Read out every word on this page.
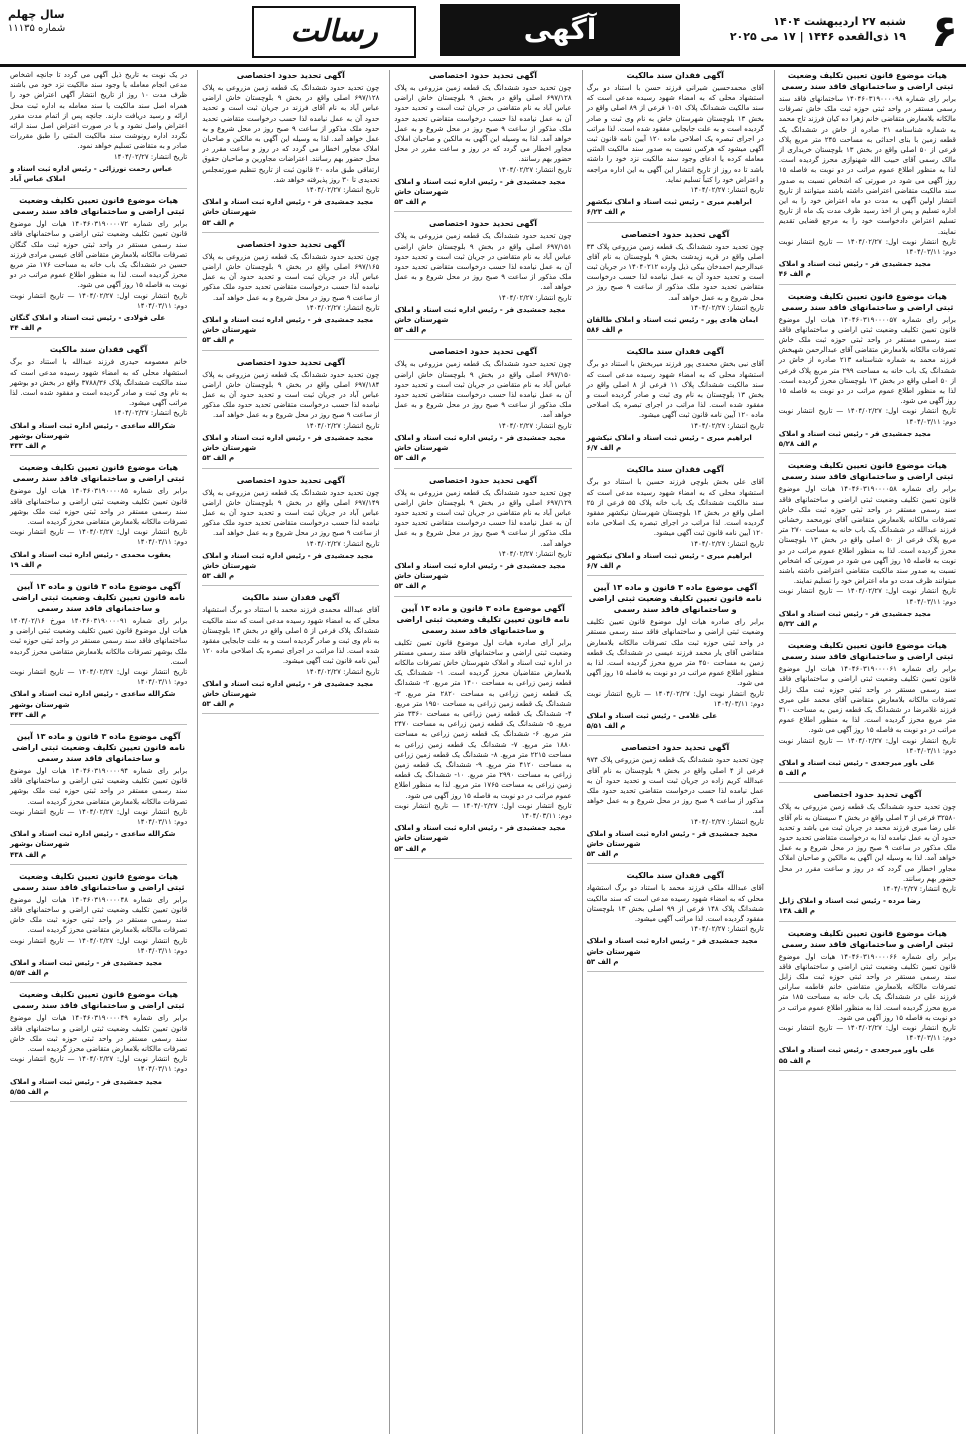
۶
شنبه ۲۷ اردیبهشت ۱۴۰۴
۱۹ ذی‌القعده ۱۴۴۶ | ۱۷ می ۲۰۲۵
آگهی
رسالت
سال چهلم
شماره ۱۱۱۳۵
هیات موضوع قانون تعیین تکلیف وضعیت ثبتی اراضی و ساختمانهای فاقد سند رسمی
برابر رای شماره ۱۴۰۴۶۰۳۱۹۰۰۰۰۹۸ ساختمانهای فاقد سند رسمی مستقر در واحد ثبتی حوزه ثبت ملک خاش تصرفات مالکانه بلامعارض متقاضی خانم زهرا ده کیان فرزند تاج محمد به شماره شناسنامه ۲۱ صادره از خاش در ششدانگ یک قطعه زمین با بنای احداثی به مساحت ۲۴۵ متر مربع پلاک فرعی از ۵۰ اصلی واقع در بخش ۱۳ بلوچستان خریداری از مالک رسمی آقای حبیب الله شهنوازی محرز گردیده است. لذا به منظور اطلاع عموم مراتب در دو نوبت به فاصله ۱۵ روز آگهی می شود در صورتی که اشخاص نسبت به صدور سند مالکیت متقاضی اعتراضی داشته باشند میتوانند از تاریخ انتشار اولین آگهی به مدت دو ماه اعتراض خود را به این اداره تسلیم و پس از اخذ رسید ظرف مدت یک ماه از تاریخ تسلیم اعتراض دادخواست خود را به مرجع قضایی تقدیم نمایند.
تاریخ انتشار نوبت اول: ۱۴۰۴/۰۲/۲۷ — تاریخ انتشار نوبت دوم: ۱۴۰۴/۰۳/۱۱
مجید جمشیدی فر - رئیس ثبت اسناد و املاک
م الف ۴۶
هیات موضوع قانون تعیین تکلیف وضعیت ثبتی اراضی و ساختمانهای فاقد سند رسمی
برابر رای شماره ۱۴۰۴۶۰۳۱۹۰۰۰۰۵۷ هیات اول موضوع قانون تعیین تکلیف وضعیت ثبتی اراضی و ساختمانهای فاقد سند رسمی مستقر در واحد ثبتی حوزه ثبت ملک خاش تصرفات مالکانه بلامعارض متقاضی آقای عبدالرحمن شهبخش فرزند محمد به شماره شناسنامه ۲۱۳ صادره از خاش در ششدانگ یک باب خانه به مساحت ۲۹۹ متر مربع پلاک فرعی از ۵۰ اصلی واقع در بخش ۱۳ بلوچستان محرز گردیده است. لذا به منظور اطلاع عموم مراتب در دو نوبت به فاصله ۱۵ روز آگهی می شود.
تاریخ انتشار نوبت اول: ۱۴۰۴/۰۲/۲۷ — تاریخ انتشار نوبت دوم: ۱۴۰۴/۰۳/۱۱
مجید جمشیدی فر - رئیس ثبت اسناد و املاک
م الف ۵/۲۸
هیات موضوع قانون تعیین تکلیف وضعیت ثبتی اراضی و ساختمانهای فاقد سند رسمی
برابر رای شماره ۱۴۰۴۶۰۳۱۹۰۰۰۰۵۸ هیات اول موضوع قانون تعیین تکلیف وضعیت ثبتی اراضی و ساختمانهای فاقد سند رسمی مستقر در واحد ثبتی حوزه ثبت ملک خاش تصرفات مالکانه بلامعارض متقاضی آقای نورمحمد رخشانی فرزند عبدالله در ششدانگ یک باب خانه به مساحت ۲۷۰ متر مربع پلاک فرعی از ۵۰ اصلی واقع در بخش ۱۳ بلوچستان محرز گردیده است. لذا به منظور اطلاع عموم مراتب در دو نوبت به فاصله ۱۵ روز آگهی می شود در صورتی که اشخاص نسبت به صدور سند مالکیت متقاضی اعتراضی داشته باشند میتوانند ظرف مدت دو ماه اعتراض خود را تسلیم نمایند.
تاریخ انتشار نوبت اول: ۱۴۰۴/۰۲/۲۷ — تاریخ انتشار نوبت دوم: ۱۴۰۴/۰۳/۱۱
مجید جمشیدی فر - رئیس ثبت اسناد و املاک
م الف ۵/۳۲
هیات موضوع قانون تعیین تکلیف وضعیت ثبتی اراضی و ساختمانهای فاقد سند رسمی
برابر رای شماره ۱۴۰۴۶۰۳۱۹۰۰۰۰۶۱ هیات اول موضوع قانون تعیین تکلیف وضعیت ثبتی اراضی و ساختمانهای فاقد سند رسمی مستقر در واحد ثبتی حوزه ثبت ملک زابل تصرفات مالکانه بلامعارض متقاضی آقای محمد علی میری فرزند غلامرضا در ششدانگ یک قطعه زمین به مساحت ۳۱۰ متر مربع محرز گردیده است. لذا به منظور اطلاع عموم مراتب در دو نوبت به فاصله ۱۵ روز آگهی می شود.
تاریخ انتشار نوبت اول: ۱۴۰۴/۰۲/۲۷ — تاریخ انتشار نوبت دوم: ۱۴۰۴/۰۳/۱۱
علی یاور میرجعدی - رئیس ثبت اسناد و املاک
م الف ۵
آگهی تحدید حدود اختصاصی
چون تحدید حدود ششدانگ یک قطعه زمین مزروعی به پلاک ۳۲۵۸۰ فرعی از ۳ اصلی واقع در بخش ۳ سیستان به نام آقای علی رضا میری فرزند محمد در جریان ثبت می باشد و تحدید حدود آن به عمل نیامده لذا به درخواست متقاضی تحدید حدود ملک مذکور در ساعت ۹ صبح روز در محل شروع و به عمل خواهد آمد. لذا به وسیله این آگهی به مالکین و صاحبان املاک مجاور اخطار می گردد که در روز و ساعت مقرر در محل حضور بهم رسانند.
تاریخ انتشار: ۱۴۰۴/۰۲/۲۷
رضا مرده - رئیس ثبت اسناد و املاک زابل
م الف ۱۳۸
هیات موضوع قانون تعیین تکلیف وضعیت ثبتی اراضی و ساختمانهای فاقد سند رسمی
برابر رای شماره ۱۴۰۴۶۰۳۱۹۰۰۰۰۶۶ هیات اول موضوع قانون تعیین تکلیف وضعیت ثبتی اراضی و ساختمانهای فاقد سند رسمی مستقر در واحد ثبتی حوزه ثبت ملک زابل تصرفات مالکانه بلامعارض متقاضی خانم فاطمه سارانی فرزند علی در ششدانگ یک باب خانه به مساحت ۱۸۵ متر مربع محرز گردیده است. لذا به منظور اطلاع عموم مراتب در دو نوبت به فاصله ۱۵ روز آگهی می شود.
تاریخ انتشار نوبت اول: ۱۴۰۴/۰۲/۲۷ — تاریخ انتشار نوبت دوم: ۱۴۰۴/۰۳/۱۱
علی یاور میرجعدی - رئیس ثبت اسناد و املاک
م الف ۵۵
آگهی فقدان سند مالکیت
آقای محمدحسین شیرانی فرزند حسن با استناد دو برگ استشهاد محلی که به امضاء شهود رسیده مدعی است که سند مالکیت ششدانگ پلاک ۱۰۵۱ فرعی از ۸۹ اصلی واقع در بخش ۱۳ بلوچستان شهرستان خاش به نام وی ثبت و صادر گردیده است و به علت جابجایی مفقود شده است. لذا مراتب در اجرای تبصره یک اصلاحی ماده ۱۲۰ آیین نامه قانون ثبت آگهی میشود که هرکس نسبت به صدور سند مالکیت المثنی معامله کرده یا ادعای وجود سند مالکیت نزد خود را داشته باشد تا ده روز از تاریخ انتشار این آگهی به این اداره مراجعه و اعتراض خود را کتباً تسلیم نماید.
تاریخ انتشار: ۱۴۰۴/۰۲/۲۷
ابراهیم میری - رئیس ثبت اسناد و املاک نیکشهر
م الف ۶/۲۳
آگهی تحدید حدود اختصاصی
چون تحدید حدود ششدانگ یک قطعه زمین مزروعی پلاک ۳۳ اصلی واقع در قریه زیدشت بخش ۹ بلوچستان به نام آقای عبدالرحیم احمدخان بیکی ذیل وارده ۱۴۰۴۰۲۱۲ در جریان ثبت است و تحدید حدود آن به عمل نیامده لذا حسب درخواست متقاضی تحدید حدود ملک مذکور از ساعت ۹ صبح روز در محل شروع و به عمل خواهد آمد.
تاریخ انتشار: ۱۴۰۴/۰۲/۲۷
ایمان هادی پور - رئیس ثبت اسناد و املاک طالقان
م الف ۵۸۶
آگهی فقدان سند مالکیت
آقای نبی بخش محمدی پور فرزند میربخش با استناد دو برگ استشهاد محلی که به امضاء شهود رسیده مدعی است که سند مالکیت ششدانگ پلاک ۱۱ فرعی از ۸ اصلی واقع در بخش ۱۳ بلوچستان به نام وی ثبت و صادر گردیده است و مفقود شده است. لذا مراتب در اجرای تبصره یک اصلاحی ماده ۱۲۰ آیین نامه قانون ثبت آگهی میشود.
تاریخ انتشار: ۱۴۰۴/۰۲/۲۷
ابراهیم میری - رئیس ثبت اسناد و املاک نیکشهر
م الف ۶/۷
آگهی فقدان سند مالکیت
آقای علی بخش بلوچی فرزند حسین با استناد دو برگ استشهاد محلی که به امضاء شهود رسیده مدعی است که سند مالکیت ششدانگ یک باب خانه پلاک ۵۵ فرعی از ۲۵ اصلی واقع در بخش ۱۳ بلوچستان شهرستان نیکشهر مفقود گردیده است. لذا مراتب در اجرای تبصره یک اصلاحی ماده ۱۲۰ آیین نامه قانون ثبت آگهی میشود.
تاریخ انتشار: ۱۴۰۴/۰۲/۲۷
ابراهیم میری - رئیس ثبت اسناد و املاک نیکشهر
م الف ۶/۷
آگهی موضوع ماده ۳ قانون و ماده ۱۳ آیین نامه قانون تعیین تکلیف وضعیت ثبتی اراضی و ساختمانهای فاقد سند رسمی
برابر رای صادره هیات اول موضوع قانون تعیین تکلیف وضعیت ثبتی اراضی و ساختمانهای فاقد سند رسمی مستقر در واحد ثبتی حوزه ثبت ملک تصرفات مالکانه بلامعارض متقاضی آقای یار محمد فرزند عیسی در ششدانگ یک قطعه زمین به مساحت ۴۵۰ متر مربع محرز گردیده است. لذا به منظور اطلاع عموم مراتب در دو نوبت به فاصله ۱۵ روز آگهی می شود.
تاریخ انتشار نوبت اول: ۱۴۰۴/۰۲/۲۷ — تاریخ انتشار نوبت دوم: ۱۴۰۴/۰۳/۱۱
علی غلامی - رئیس ثبت اسناد و املاک
م الف ۵/۵۱
آگهی تحدید حدود اختصاصی
چون تحدید حدود ششدانگ یک قطعه زمین مزروعی پلاک ۹۷۴ فرعی از ۴ اصلی واقع در بخش ۹ بلوچستان به نام آقای عبدالله کریم زاده در جریان ثبت است و تحدید حدود آن به عمل نیامده لذا حسب درخواست متقاضی تحدید حدود ملک مذکور از ساعت ۹ صبح روز در محل شروع و به عمل خواهد آمد.
تاریخ انتشار: ۱۴۰۴/۰۲/۲۷
مجید جمشیدی فر - رئیس اداره ثبت اسناد و املاک شهرستان خاش
م الف ۵۳
آگهی فقدان سند مالکیت
آقای عبدالله ملکی فرزند محمد با استناد دو برگ استشهاد محلی که به امضاء شهود رسیده مدعی است که سند مالکیت ششدانگ پلاک ۱۴۸ فرعی از ۹۹ اصلی بخش ۱۳ بلوچستان مفقود گردیده است. لذا مراتب آگهی میشود.
تاریخ انتشار: ۱۴۰۴/۰۲/۲۷
مجید جمشیدی فر - رئیس اداره ثبت اسناد و املاک شهرستان خاش
م الف ۵۳
آگهی تحدید حدود اختصاصی
چون تحدید حدود ششدانگ یک قطعه زمین مزروعی به پلاک ۶۹۷/۱۲۸ اصلی واقع در بخش ۹ بلوچستان خاش اراضی عباس آباد به نام متقاضی در جریان ثبت است و تحدید حدود آن به عمل نیامده لذا حسب درخواست متقاضی تحدید حدود ملک مذکور از ساعت ۹ صبح روز در محل شروع و به عمل خواهد آمد. لذا به وسیله این آگهی به مالکین و صاحبان املاک مجاور اخطار می گردد که در روز و ساعت مقرر در محل حضور بهم رسانند.
تاریخ انتشار: ۱۴۰۴/۰۲/۲۷
مجید جمشیدی فر - رئیس اداره ثبت اسناد و املاک شهرستان خاش
م الف ۵۳
آگهی تحدید حدود اختصاصی
چون تحدید حدود ششدانگ یک قطعه زمین مزروعی به پلاک ۶۹۷/۱۵۱ اصلی واقع در بخش ۹ بلوچستان خاش اراضی عباس آباد به نام متقاضی در جریان ثبت است و تحدید حدود آن به عمل نیامده لذا حسب درخواست متقاضی تحدید حدود ملک مذکور از ساعت ۹ صبح روز در محل شروع و به عمل خواهد آمد.
تاریخ انتشار: ۱۴۰۴/۰۲/۲۷
مجید جمشیدی فر - رئیس اداره ثبت اسناد و املاک شهرستان خاش
م الف ۵۳
آگهی تحدید حدود اختصاصی
چون تحدید حدود ششدانگ یک قطعه زمین مزروعی به پلاک ۶۹۷/۱۵۰ اصلی واقع در بخش ۹ بلوچستان خاش اراضی عباس آباد به نام متقاضی در جریان ثبت است و تحدید حدود آن به عمل نیامده لذا حسب درخواست متقاضی تحدید حدود ملک مذکور از ساعت ۹ صبح روز در محل شروع و به عمل خواهد آمد.
تاریخ انتشار: ۱۴۰۴/۰۲/۲۷
مجید جمشیدی فر - رئیس اداره ثبت اسناد و املاک شهرستان خاش
م الف ۵۳
آگهی تحدید حدود اختصاصی
چون تحدید حدود ششدانگ یک قطعه زمین مزروعی به پلاک ۶۹۷/۱۲۹ اصلی واقع در بخش ۹ بلوچستان خاش اراضی عباس آباد به نام متقاضی در جریان ثبت است و تحدید حدود آن به عمل نیامده لذا حسب درخواست متقاضی تحدید حدود ملک مذکور از ساعت ۹ صبح روز در محل شروع و به عمل خواهد آمد.
تاریخ انتشار: ۱۴۰۴/۰۲/۲۷
مجید جمشیدی فر - رئیس اداره ثبت اسناد و املاک شهرستان خاش
م الف ۵۳
آگهی موضوع ماده ۳ قانون و ماده ۱۳ آیین نامه قانون تعیین تکلیف وضعیت ثبتی اراضی و ساختمانهای فاقد سند رسمی
برابر آرای صادره هیات اول موضوع قانون تعیین تکلیف وضعیت ثبتی اراضی و ساختمانهای فاقد سند رسمی مستقر در اداره ثبت اسناد و املاک شهرستان خاش تصرفات مالکانه بلامعارض متقاضیان محرز گردیده است. ۱- ششدانگ یک قطعه زمین زراعی به مساحت ۱۴۰۰ متر مربع. ۲- ششدانگ یک قطعه زمین زراعی به مساحت ۲۸۲۰ متر مربع. ۳- ششدانگ یک قطعه زمین زراعی به مساحت ۱۹۵۰ متر مربع. ۴- ششدانگ یک قطعه زمین زراعی به مساحت ۳۳۶۰ متر مربع. ۵- ششدانگ یک قطعه زمین زراعی به مساحت ۲۴۷۰ متر مربع. ۶- ششدانگ یک قطعه زمین زراعی به مساحت ۱۸۸۰ متر مربع. ۷- ششدانگ یک قطعه زمین زراعی به مساحت ۲۲۱۵ متر مربع. ۸- ششدانگ یک قطعه زمین زراعی به مساحت ۴۱۲۰ متر مربع. ۹- ششدانگ یک قطعه زمین زراعی به مساحت ۲۹۹۰ متر مربع. ۱۰- ششدانگ یک قطعه زمین زراعی به مساحت ۱۷۶۵ متر مربع. لذا به منظور اطلاع عموم مراتب در دو نوبت به فاصله ۱۵ روز آگهی می شود.
تاریخ انتشار نوبت اول: ۱۴۰۴/۰۲/۲۷ — تاریخ انتشار نوبت دوم: ۱۴۰۴/۰۳/۱۱
مجید جمشیدی فر - رئیس اداره ثبت اسناد و املاک شهرستان خاش
م الف ۵۳
آگهی تحدید حدود اختصاصی
چون تحدید حدود ششدانگ یک قطعه زمین مزروعی به پلاک ۶۹۷/۱۲۸ اصلی واقع در بخش ۹ بلوچستان خاش اراضی عباس آباد به نام آقای فرزند در جریان ثبت است و تحدید حدود آن به عمل نیامده لذا حسب درخواست متقاضی تحدید حدود ملک مذکور از ساعت ۹ صبح روز در محل شروع و به عمل خواهد آمد. لذا به وسیله این آگهی به مالکین و صاحبان املاک مجاور اخطار می گردد که در روز و ساعت مقرر در محل حضور بهم رسانند. اعتراضات مجاورین و صاحبان حقوق ارتفاقی طبق ماده ۲۰ قانون ثبت از تاریخ تنظیم صورتمجلس تحدیدی تا ۳۰ روز پذیرفته خواهد شد.
تاریخ انتشار: ۱۴۰۴/۰۲/۲۷
مجید جمشیدی فر - رئیس اداره ثبت اسناد و املاک شهرستان خاش
م الف ۵۳
آگهی تحدید حدود اختصاصی
چون تحدید حدود ششدانگ یک قطعه زمین مزروعی به پلاک ۶۹۷/۱۶۵ اصلی واقع در بخش ۹ بلوچستان خاش اراضی عباس آباد در جریان ثبت است و تحدید حدود آن به عمل نیامده لذا حسب درخواست متقاضی تحدید حدود ملک مذکور از ساعت ۹ صبح روز در محل شروع و به عمل خواهد آمد.
تاریخ انتشار: ۱۴۰۴/۰۲/۲۷
مجید جمشیدی فر - رئیس اداره ثبت اسناد و املاک شهرستان خاش
م الف ۵۳
آگهی تحدید حدود اختصاصی
چون تحدید حدود ششدانگ یک قطعه زمین مزروعی به پلاک ۶۹۷/۱۸۴ اصلی واقع در بخش ۹ بلوچستان خاش اراضی عباس آباد در جریان ثبت است و تحدید حدود آن به عمل نیامده لذا حسب درخواست متقاضی تحدید حدود ملک مذکور از ساعت ۹ صبح روز در محل شروع و به عمل خواهد آمد.
تاریخ انتشار: ۱۴۰۴/۰۲/۲۷
مجید جمشیدی فر - رئیس اداره ثبت اسناد و املاک شهرستان خاش
م الف ۵۳
آگهی تحدید حدود اختصاصی
چون تحدید حدود ششدانگ یک قطعه زمین مزروعی به پلاک ۶۹۷/۱۴۹ اصلی واقع در بخش ۹ بلوچستان خاش اراضی عباس آباد در جریان ثبت است و تحدید حدود آن به عمل نیامده لذا حسب درخواست متقاضی تحدید حدود ملک مذکور از ساعت ۹ صبح روز در محل شروع و به عمل خواهد آمد.
تاریخ انتشار: ۱۴۰۴/۰۲/۲۷
مجید جمشیدی فر - رئیس اداره ثبت اسناد و املاک شهرستان خاش
م الف ۵۳
آگهی فقدان سند مالکیت
آقای عبدالله محمدی فرزند محمد با استناد دو برگ استشهاد محلی که به امضاء شهود رسیده مدعی است که سند مالکیت ششدانگ پلاک فرعی از ۵ اصلی واقع در بخش ۱۳ بلوچستان به نام وی ثبت و صادر گردیده است و به علت جابجایی مفقود شده است. لذا مراتب در اجرای تبصره یک اصلاحی ماده ۱۲۰ آیین نامه قانون ثبت آگهی میشود.
تاریخ انتشار: ۱۴۰۴/۰۲/۲۷
مجید جمشیدی فر - رئیس اداره ثبت اسناد و املاک شهرستان خاش
م الف ۵۳
در یک نوبت به تاریخ ذیل آگهی می گردد تا جانچه اشخاص مدعی انجام معامله یا وجود سند مالکیت نزد خود می باشند ظرف مدت ۱۰ روز از تاریخ انتشار آگهی اعتراض خود را همراه اصل سند مالکیت یا سند معامله به اداره ثبت محل ارائه و رسید دریافت دارند. جانچه پس از اتمام مدت مقرر اعتراض واصل نشود و یا در صورت اعتراض اصل سند ارائه نگردد اداره رونوشت سند مالکیت المثنی را طبق مقررات صادر و به متقاضی تسلیم خواهد نمود.
تاریخ انتشار: ۱۴۰۴/۰۲/۲۷
عباس رحمت نورزائی - رئیس اداره ثبت اسناد و املاک عباس آباد
هیات موضوع قانون تعیین تکلیف وضعیت ثبتی اراضی و ساختمانهای فاقد سند رسمی
برابر رای شماره ۱۴۰۴۶۰۳۱۹۰۰۰۰۷۲ هیات اول موضوع قانون تعیین تکلیف وضعیت ثبتی اراضی و ساختمانهای فاقد سند رسمی مستقر در واحد ثبتی حوزه ثبت ملک گنگان تصرفات مالکانه بلامعارض متقاضی آقای عیسی مرادی فرزند حسین در ششدانگ یک باب خانه به مساحت ۱۷۶ متر مربع محرز گردیده است. لذا به منظور اطلاع عموم مراتب در دو نوبت به فاصله ۱۵ روز آگهی می شود.
تاریخ انتشار نوبت اول: ۱۴۰۴/۰۲/۲۷ — تاریخ انتشار نوبت دوم: ۱۴۰۴/۰۳/۱۱
علی فولادی - رئیس ثبت اسناد و املاک گنگان
م الف ۴۴
آگهی فقدان سند مالکیت
خانم معصومه حیدری فرزند عبدالله با استناد دو برگ استشهاد محلی که به امضاء شهود رسیده مدعی است که سند مالکیت ششدانگ پلاک ۳۷۸۸/۳۶ واقع در بخش دو بوشهر به نام وی ثبت و صادر گردیده است و مفقود شده است. لذا مراتب آگهی میشود.
تاریخ انتشار: ۱۴۰۴/۰۲/۲۷
شکرالله ساعدی - رئیس اداره ثبت اسناد و املاک شهرستان بوشهر
م الف ۴۳۳
هیات موضوع قانون تعیین تکلیف وضعیت ثبتی اراضی و ساختمانهای فاقد سند رسمی
برابر رای شماره ۱۴۰۴۶۰۳۱۹۰۰۰۰۸۵ هیات اول موضوع قانون تعیین تکلیف وضعیت ثبتی اراضی و ساختمانهای فاقد سند رسمی مستقر در واحد ثبتی حوزه ثبت ملک بوشهر تصرفات مالکانه بلامعارض متقاضی محرز گردیده است.
تاریخ انتشار نوبت اول: ۱۴۰۴/۰۲/۲۷ — تاریخ انتشار نوبت دوم: ۱۴۰۴/۰۳/۱۱
یعقوب محمدی - رئیس اداره ثبت اسناد و املاک
م الف ۱۹
آگهی موضوع ماده ۳ قانون و ماده ۱۳ آیین نامه قانون تعیین تکلیف وضعیت ثبتی اراضی و ساختمانهای فاقد سند رسمی
برابر رای شماره ۱۴۰۴۶۰۳۱۹۰۰۰۰۹۱ مورخ ۱۴۰۴/۰۲/۱۶ هیات اول موضوع قانون تعیین تکلیف وضعیت ثبتی اراضی و ساختمانهای فاقد سند رسمی مستقر در واحد ثبتی حوزه ثبت ملک بوشهر تصرفات مالکانه بلامعارض متقاضی محرز گردیده است.
تاریخ انتشار نوبت اول: ۱۴۰۴/۰۲/۲۷ — تاریخ انتشار نوبت دوم: ۱۴۰۴/۰۳/۱۱
شکرالله ساعدی - رئیس اداره ثبت اسناد و املاک شهرستان بوشهر
م الف ۴۴۳
آگهی موضوع ماده ۳ قانون و ماده ۱۳ آیین نامه قانون تعیین تکلیف وضعیت ثبتی اراضی و ساختمانهای فاقد سند رسمی
برابر رای شماره ۱۴۰۴۶۰۳۱۹۰۰۰۰۹۴ هیات اول موضوع قانون تعیین تکلیف وضعیت ثبتی اراضی و ساختمانهای فاقد سند رسمی مستقر در واحد ثبتی حوزه ثبت ملک بوشهر تصرفات مالکانه بلامعارض متقاضی محرز گردیده است.
تاریخ انتشار نوبت اول: ۱۴۰۴/۰۲/۲۷ — تاریخ انتشار نوبت دوم: ۱۴۰۴/۰۳/۱۱
شکرالله ساعدی - رئیس اداره ثبت اسناد و املاک شهرستان بوشهر
م الف ۴۳۸
هیات موضوع قانون تعیین تکلیف وضعیت ثبتی اراضی و ساختمانهای فاقد سند رسمی
برابر رای شماره ۱۴۰۴۶۰۳۱۹۰۰۰۰۴۸ هیات اول موضوع قانون تعیین تکلیف وضعیت ثبتی اراضی و ساختمانهای فاقد سند رسمی مستقر در واحد ثبتی حوزه ثبت ملک خاش تصرفات مالکانه بلامعارض متقاضی محرز گردیده است.
تاریخ انتشار نوبت اول: ۱۴۰۴/۰۲/۲۷ — تاریخ انتشار نوبت دوم: ۱۴۰۴/۰۳/۱۱
مجید جمشیدی فر - رئیس ثبت اسناد و املاک
م الف ۵/۵۴
هیات موضوع قانون تعیین تکلیف وضعیت ثبتی اراضی و ساختمانهای فاقد سند رسمی
برابر رای شماره ۱۴۰۴۶۰۳۱۹۰۰۰۰۴۹ هیات اول موضوع قانون تعیین تکلیف وضعیت ثبتی اراضی و ساختمانهای فاقد سند رسمی مستقر در واحد ثبتی حوزه ثبت ملک خاش تصرفات مالکانه بلامعارض متقاضی محرز گردیده است.
تاریخ انتشار نوبت اول: ۱۴۰۴/۰۲/۲۷ — تاریخ انتشار نوبت دوم: ۱۴۰۴/۰۳/۱۱
مجید جمشیدی فر - رئیس ثبت اسناد و املاک
م الف ۵/۵۵
